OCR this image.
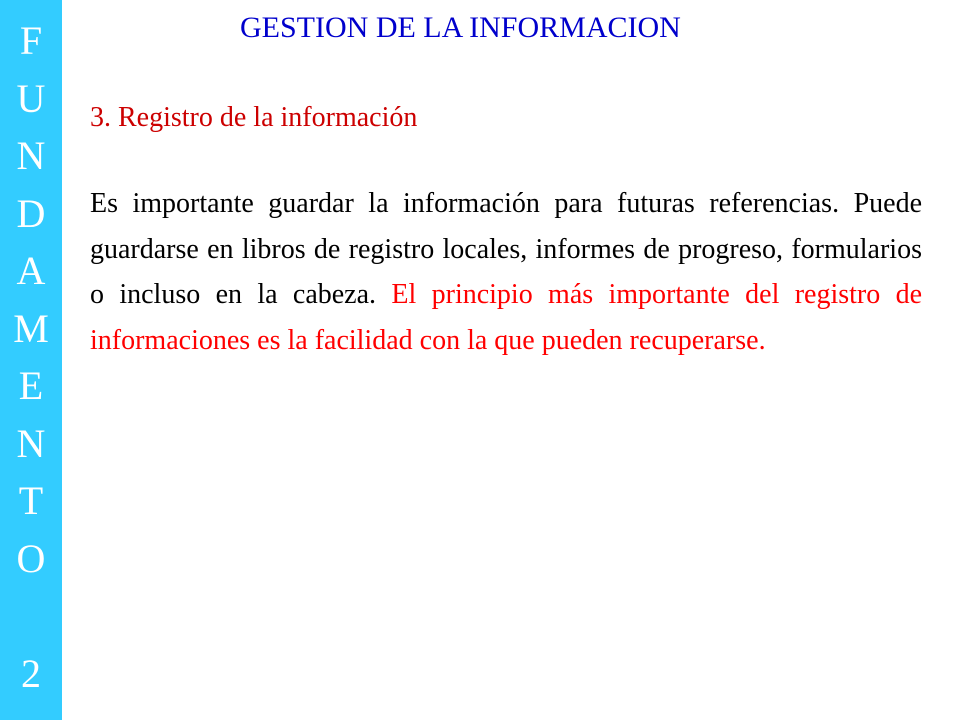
F
U
N
D
A
M
E
N
T
O
2
GESTION DE LA INFORMACION
3. Registro de la información

Es importante guardar la información para futuras referencias. Puede guardarse en libros de registro locales, informes de progreso, formularios o incluso en la cabeza. El principio más importante del registro de informaciones es la facilidad con la que pueden recuperarse.
